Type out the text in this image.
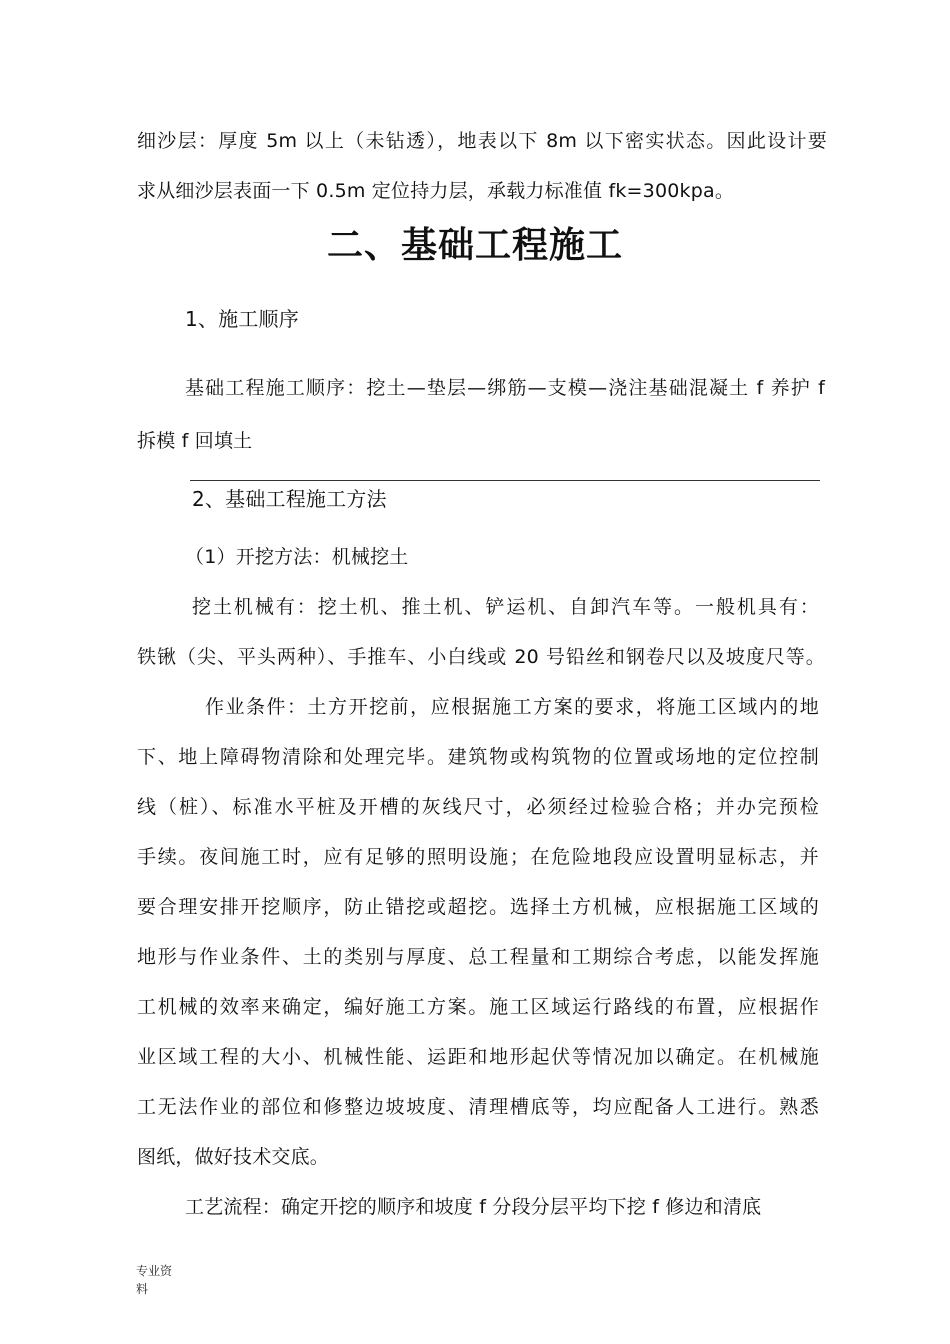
细沙层：厚度 5m 以上（未钻透），地表以下 8m 以下密实状态。因此设计要
求从细沙层表面一下 0.5m 定位持力层，承载力标准值 fk=300kpa。
二、基础工程施工
1、施工顺序
基础工程施工顺序：挖土—垫层—绑筋—支模—浇注基础混凝土 f 养护 f
拆模 f 回填土
2、基础工程施工方法
（1）开挖方法：机械挖土
挖土机械有：挖土机、推土机、铲运机、自卸汽车等。一般机具有：
铁锹（尖、平头两种）、手推车、小白线或 20 号铅丝和钢卷尺以及坡度尺等。
作业条件：土方开挖前，应根据施工方案的要求，将施工区域内的地
下、地上障碍物清除和处理完毕。建筑物或构筑物的位置或场地的定位控制
线（桩）、标准水平桩及开槽的灰线尺寸，必须经过检验合格；并办完预检
手续。夜间施工时，应有足够的照明设施；在危险地段应设置明显标志，并
要合理安排开挖顺序，防止错挖或超挖。选择土方机械，应根据施工区域的
地形与作业条件、土的类别与厚度、总工程量和工期综合考虑，以能发挥施
工机械的效率来确定，编好施工方案。施工区域运行路线的布置，应根据作
业区域工程的大小、机械性能、运距和地形起伏等情况加以确定。在机械施
工无法作业的部位和修整边坡坡度、清理槽底等，均应配备人工进行。熟悉
图纸，做好技术交底。
工艺流程：确定开挖的顺序和坡度 f 分段分层平均下挖 f 修边和清底
专业资
料
